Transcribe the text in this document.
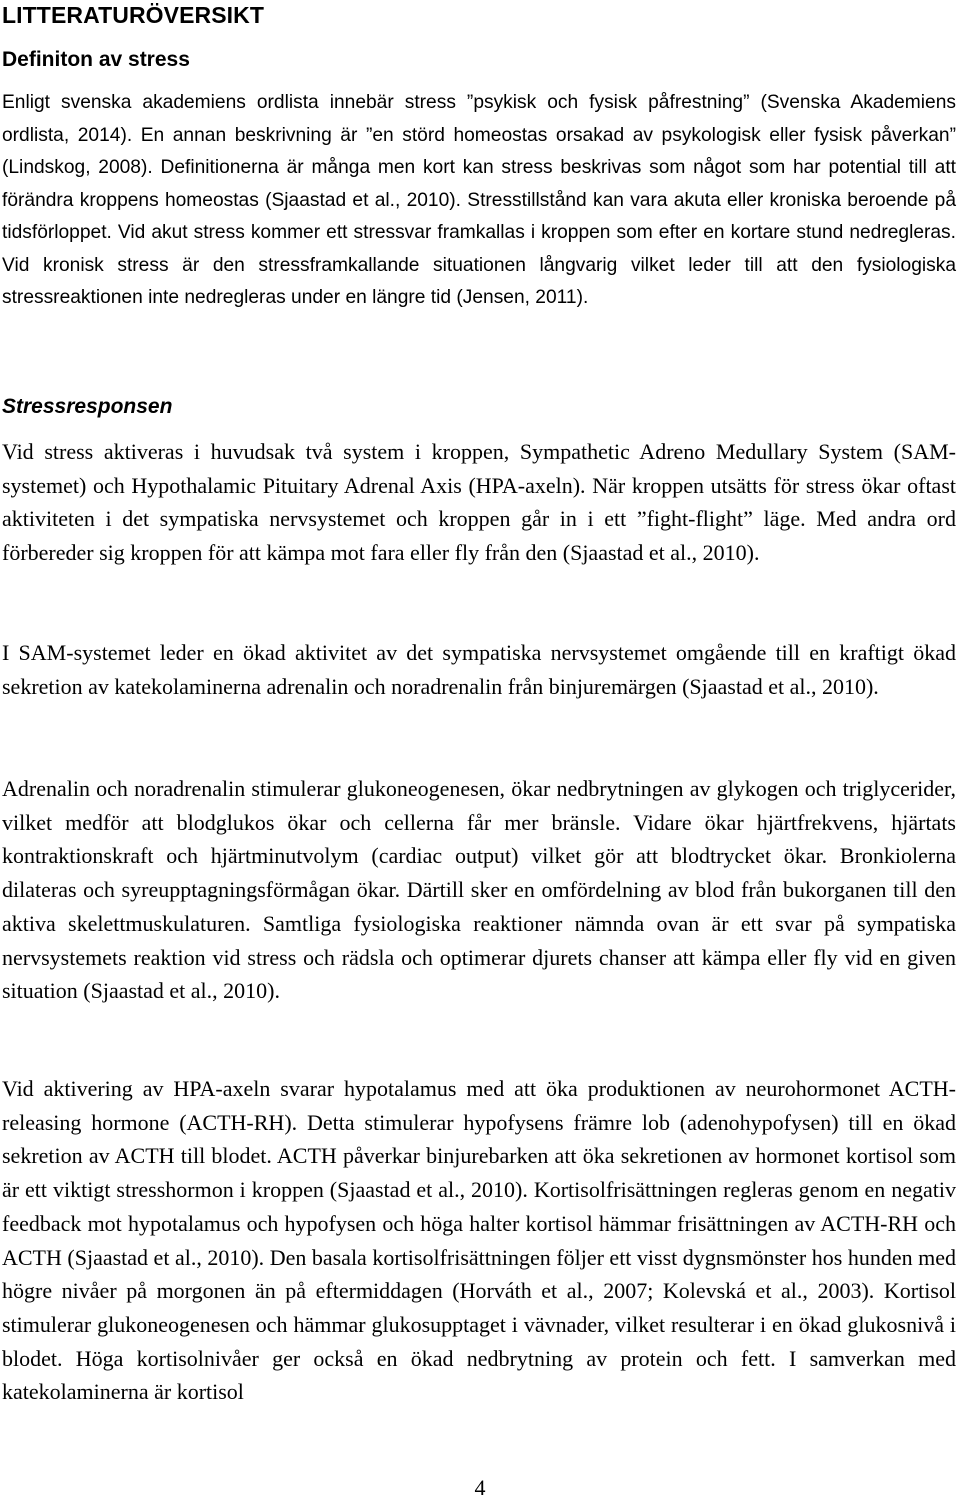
LITTERATURÖVERSIKT
Definiton av stress

Enligt svenska akademiens ordlista innebär stress ”psykisk och fysisk påfrestning” (Svenska Akademiens ordlista, 2014). En annan beskrivning är ”en störd homeostas orsakad av psykologisk eller fysisk påverkan” (Lindskog, 2008). Definitionerna är många men kort kan stress beskrivas som något som har potential till att förändra kroppens homeostas (Sjaastad et al., 2010). Stresstillstånd kan vara akuta eller kroniska beroende på tidsförloppet. Vid akut stress kommer ett stressvar framkallas i kroppen som efter en kortare stund nedregleras. Vid kronisk stress är den stressframkallande situationen långvarig vilket leder till att den fysiologiska stressreaktionen inte nedregleras under en längre tid (Jensen, 2011).

Stressresponsen

Vid stress aktiveras i huvudsak två system i kroppen, Sympathetic Adreno Medullary System (SAM-systemet) och Hypothalamic Pituitary Adrenal Axis (HPA-axeln). När kroppen utsätts för stress ökar oftast aktiviteten i det sympatiska nervsystemet och kroppen går in i ett ”fight-flight” läge. Med andra ord förbereder sig kroppen för att kämpa mot fara eller fly från den (Sjaastad et al., 2010).

I SAM-systemet leder en ökad aktivitet av det sympatiska nervsystemet omgående till en kraftigt ökad sekretion av katekolaminerna adrenalin och noradrenalin från binjuremärgen (Sjaastad et al., 2010).

Adrenalin och noradrenalin stimulerar glukoneogenesen, ökar nedbrytningen av glykogen och triglycerider, vilket medför att blodglukos ökar och cellerna får mer bränsle. Vidare ökar hjärtfrekvens, hjärtats kontraktionskraft och hjärtminutvolym (cardiac output) vilket gör att blodtrycket ökar. Bronkiolerna dilateras och syreupptagningsförmågan ökar. Därtill sker en omfördelning av blod från bukorganen till den aktiva skelettmuskulaturen. Samtliga fysiologiska reaktioner nämnda ovan är ett svar på sympatiska nervsystemets reaktion vid stress och rädsla och optimerar djurets chanser att kämpa eller fly vid en given situation (Sjaastad et al., 2010).

Vid aktivering av HPA-axeln svarar hypotalamus med att öka produktionen av neurohormonet ACTH-releasing hormone (ACTH-RH). Detta stimulerar hypofysens främre lob (adenohypofysen) till en ökad sekretion av ACTH till blodet. ACTH påverkar binjurebarken att öka sekretionen av hormonet kortisol som är ett viktigt stresshormon i kroppen (Sjaastad et al., 2010). Kortisolfrisättningen regleras genom en negativ feedback mot hypotalamus och hypofysen och höga halter kortisol hämmar frisättningen av ACTH-RH och ACTH (Sjaastad et al., 2010). Den basala kortisolfrisättningen följer ett visst dygnsmönster hos hunden med högre nivåer på morgonen än på eftermiddagen (Horváth et al., 2007; Kolevská et al., 2003). Kortisol stimulerar glukoneogenesen och hämmar glukosupptaget i vävnader, vilket resulterar i en ökad glukosnivå i blodet. Höga kortisolnivåer ger också en ökad nedbrytning av protein och fett. I samverkan med katekolaminerna är kortisol

4
